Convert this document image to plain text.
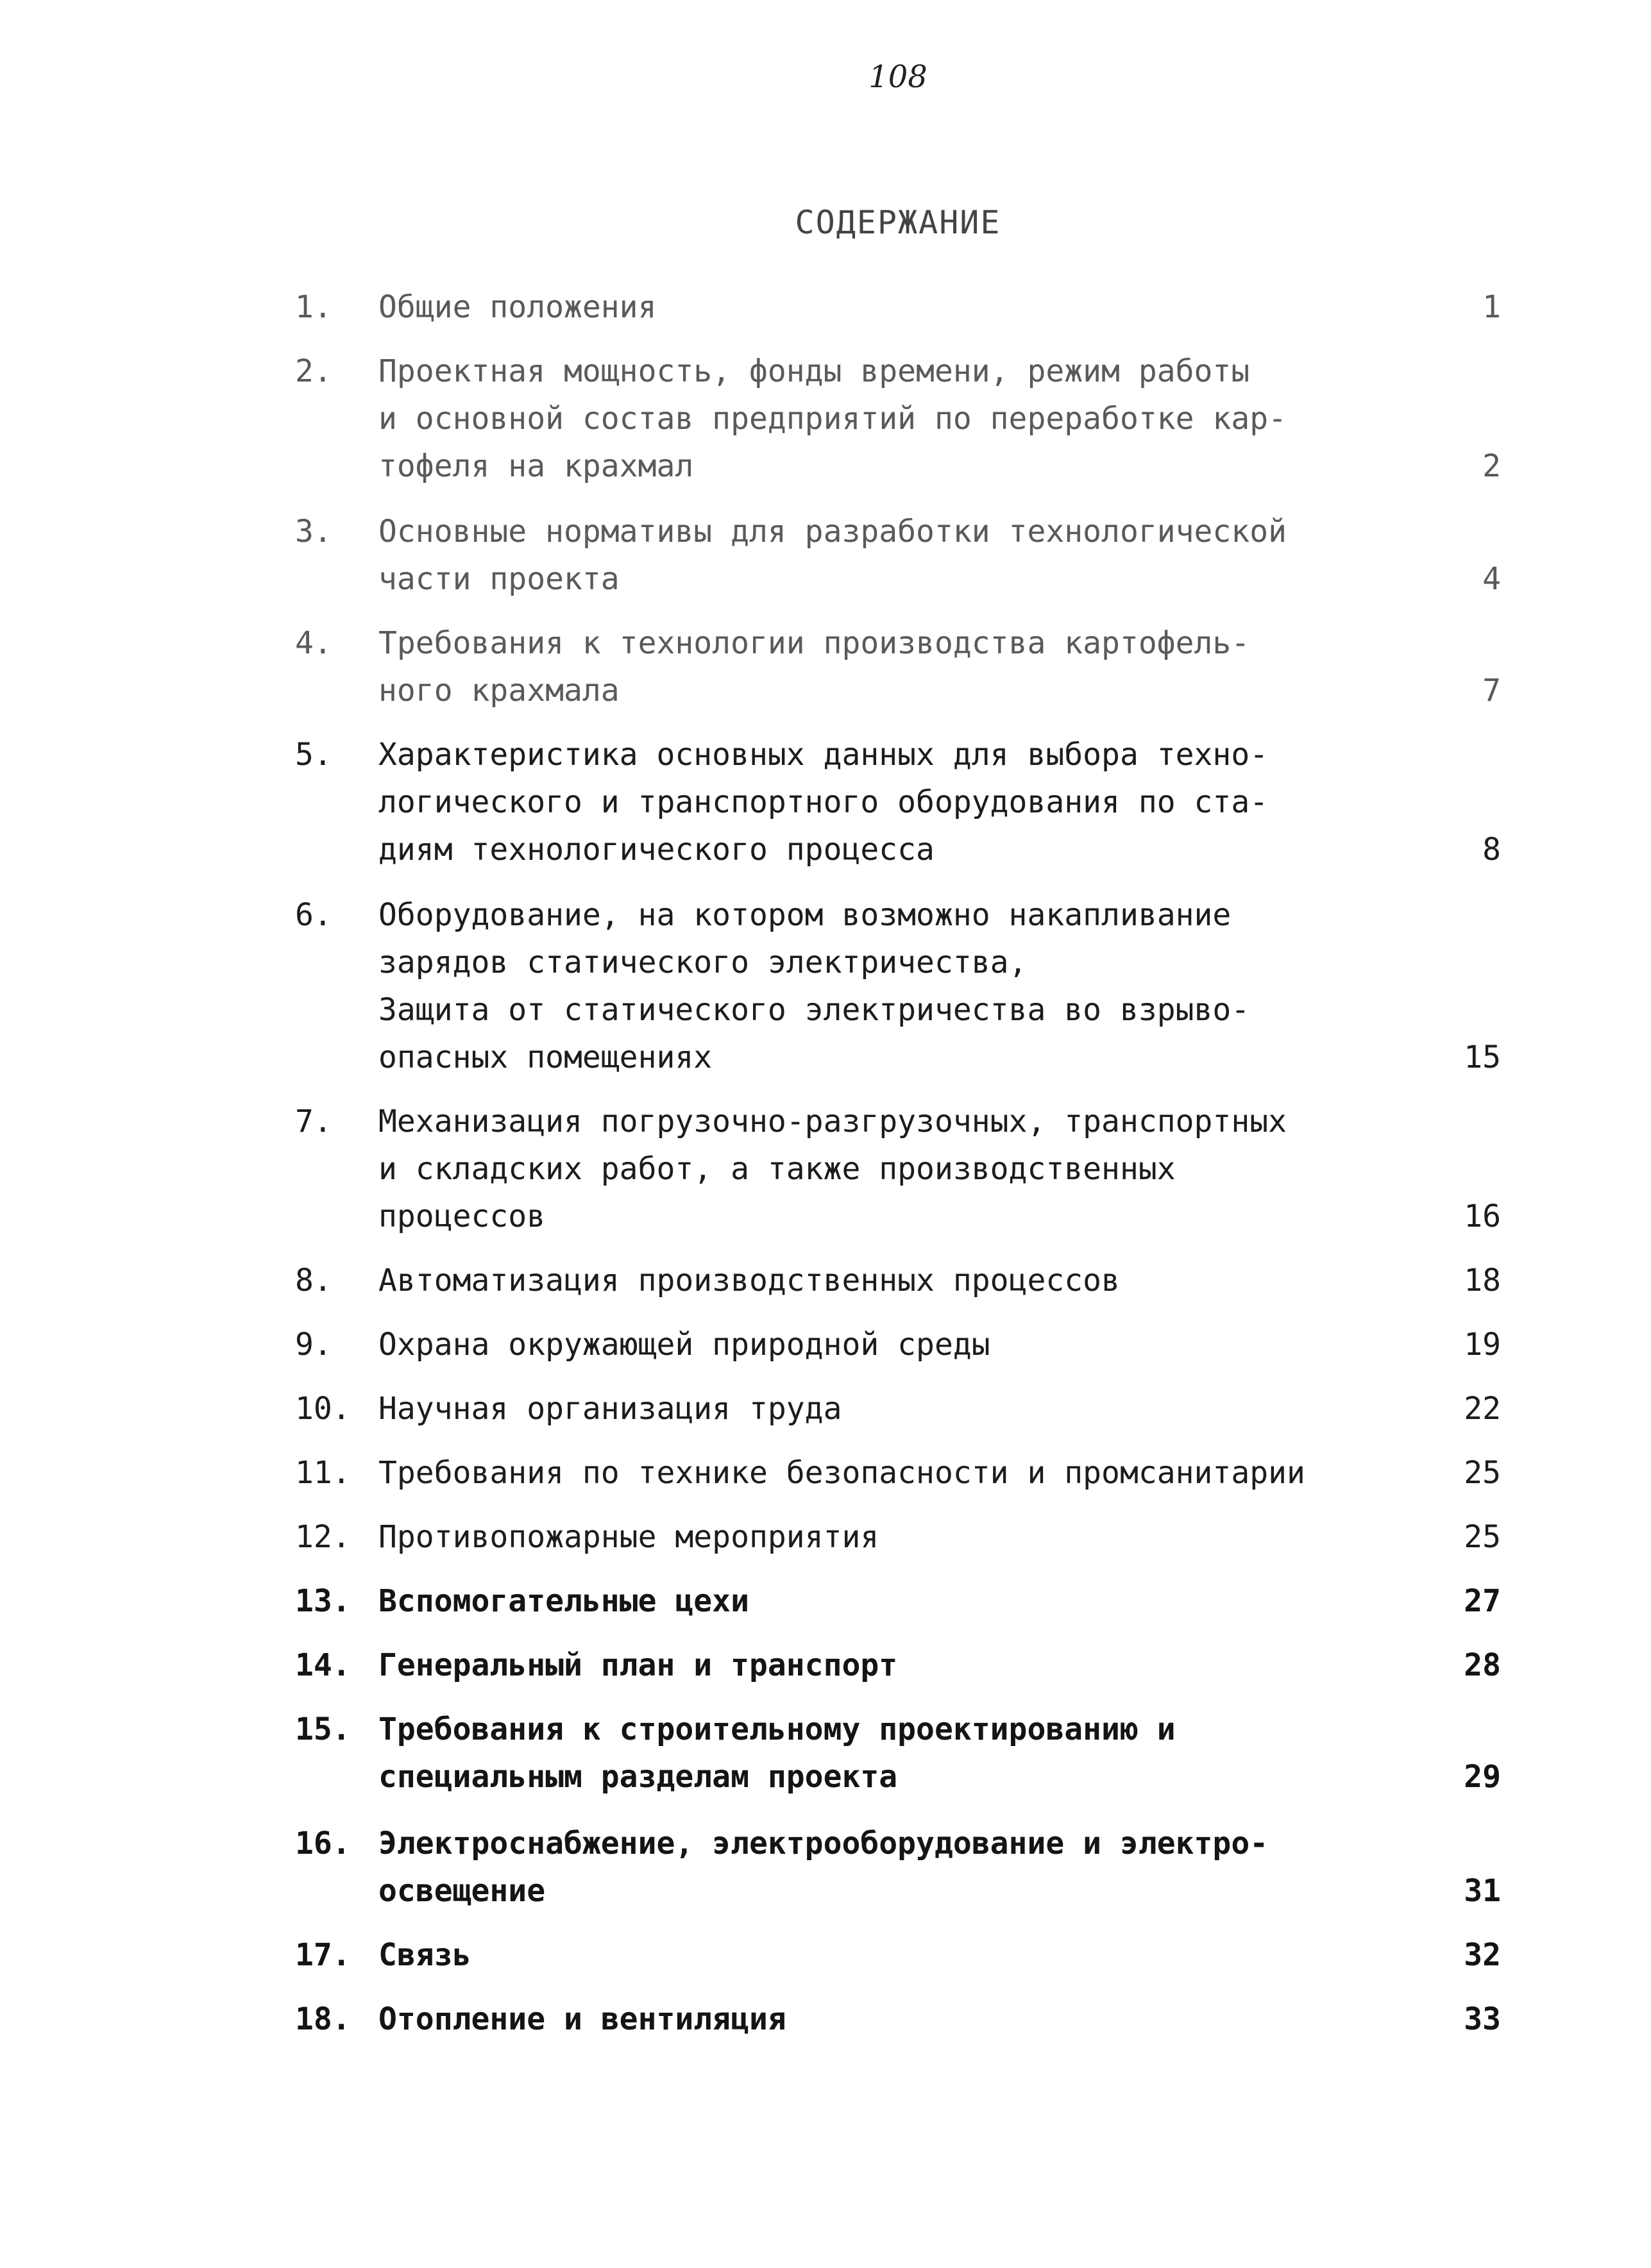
108
СОДЕРЖАНИЕ
1.	Общие положения	1
2.	Проектная мощность, фонды времени, режим работы
и основной состав предприятий по переработке кар-
тофеля на крахмал	2
3.	Основные нормативы для разработки технологической
части проекта	4
4.	Требования к технологии производства картофель-
ного крахмала	7
5.	Характеристика основных данных для выбора техно-
логического и транспортного оборудования по ста-
диям технологического процесса	8
6.	Оборудование, на котором возможно накапливание
зарядов статического электричества,
Защита от статического электричества во взрыво-
опасных помещениях	15
7.	Механизация погрузочно-разгрузочных, транспортных
и складских работ, а также производственных
процессов	16
8.	Автоматизация производственных процессов	18
9.	Охрана окружающей природной среды	19
10. Научная организация труда	22
11. Требования по технике безопасности и промсанитарии	25
12. Противопожарные мероприятия	25
13. Вспомогательные цехи	27
14. Генеральный план и транспорт	28
15. Требования к строительному проектированию и
специальным разделам проекта	29
16. Электроснабжение, электрооборудование и электро-
освещение	31
17. Связь	32
18. Отопление и вентиляция	33
